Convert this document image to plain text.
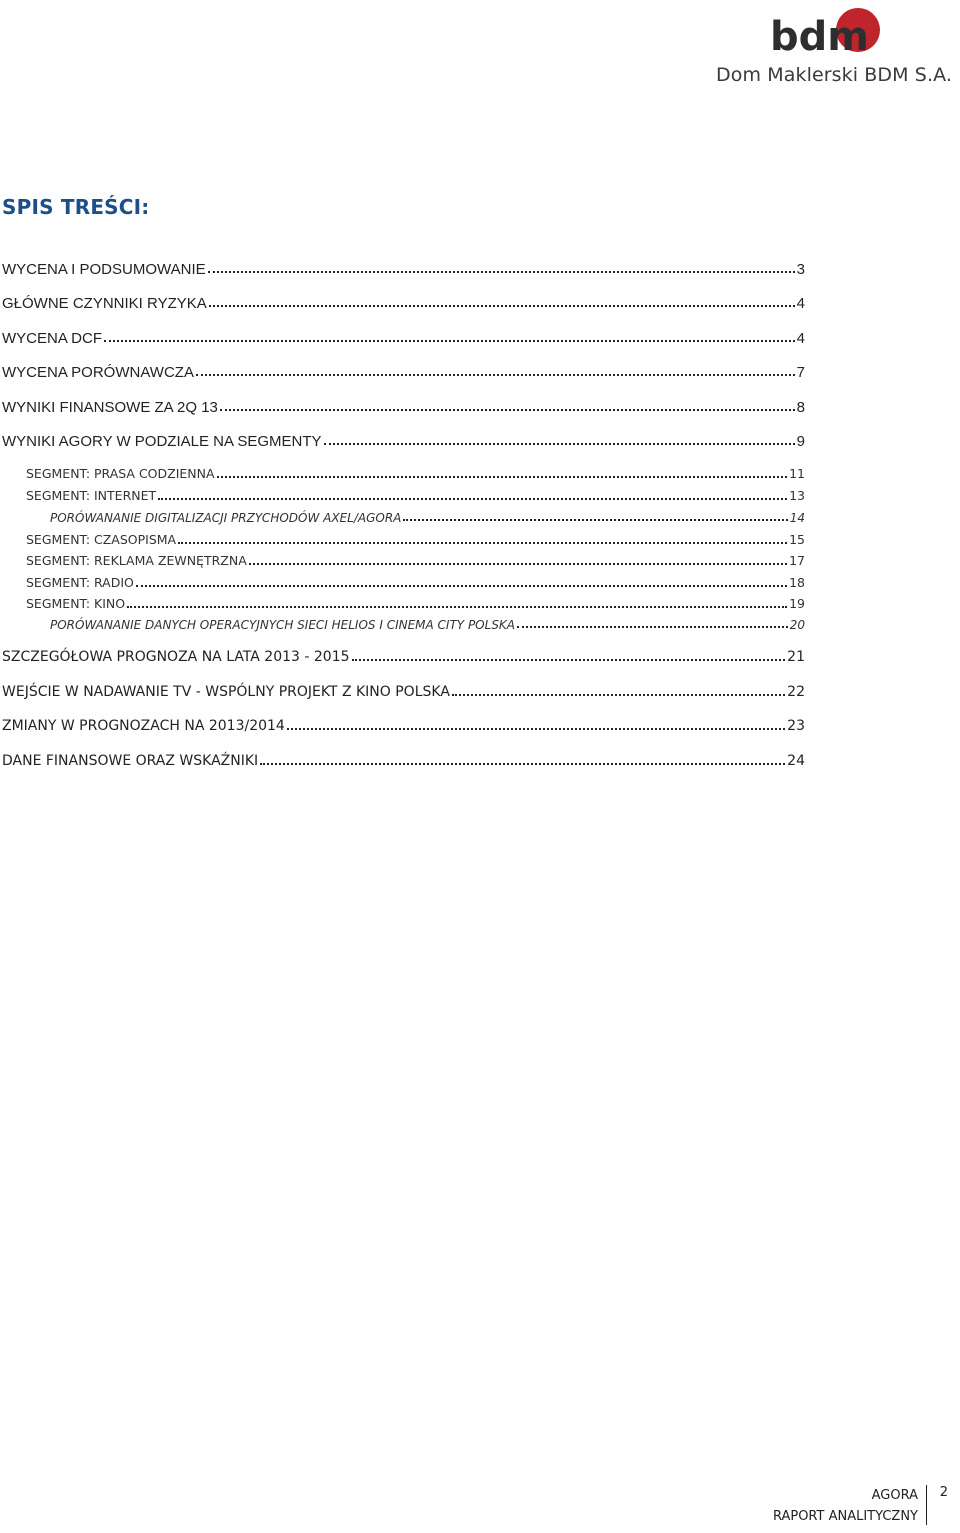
bdm
Dom Maklerski BDM S.A.
SPIS TREŚCI:
WYCENA I PODSUMOWANIE	3
GŁÓWNE CZYNNIKI RYZYKA	4
WYCENA DCF	4
WYCENA PORÓWNAWCZA	7
WYNIKI FINANSOWE ZA 2Q 13	8
WYNIKI AGORY W PODZIALE NA SEGMENTY	9
SEGMENT: PRASA CODZIENNA	11
SEGMENT: INTERNET	13
PORÓWANANIE DIGITALIZACJI PRZYCHODÓW AXEL/AGORA	14
SEGMENT: CZASOPISMA	15
SEGMENT: REKLAMA ZEWNĘTRZNA	17
SEGMENT: RADIO	18
SEGMENT: KINO	19
PORÓWANANIE DANYCH OPERACYJNYCH SIECI HELIOS I CINEMA CITY POLSKA	20
SZCZEGÓŁOWA PROGNOZA NA LATA 2013 - 2015	21
WEJŚCIE W NADAWANIE TV - WSPÓLNY PROJEKT Z KINO POLSKA	22
ZMIANY W PROGNOZACH NA 2013/2014	23
DANE FINANSOWE ORAZ WSKAŹNIKI	24
AGORA
RAPORT ANALITYCZNY
2
